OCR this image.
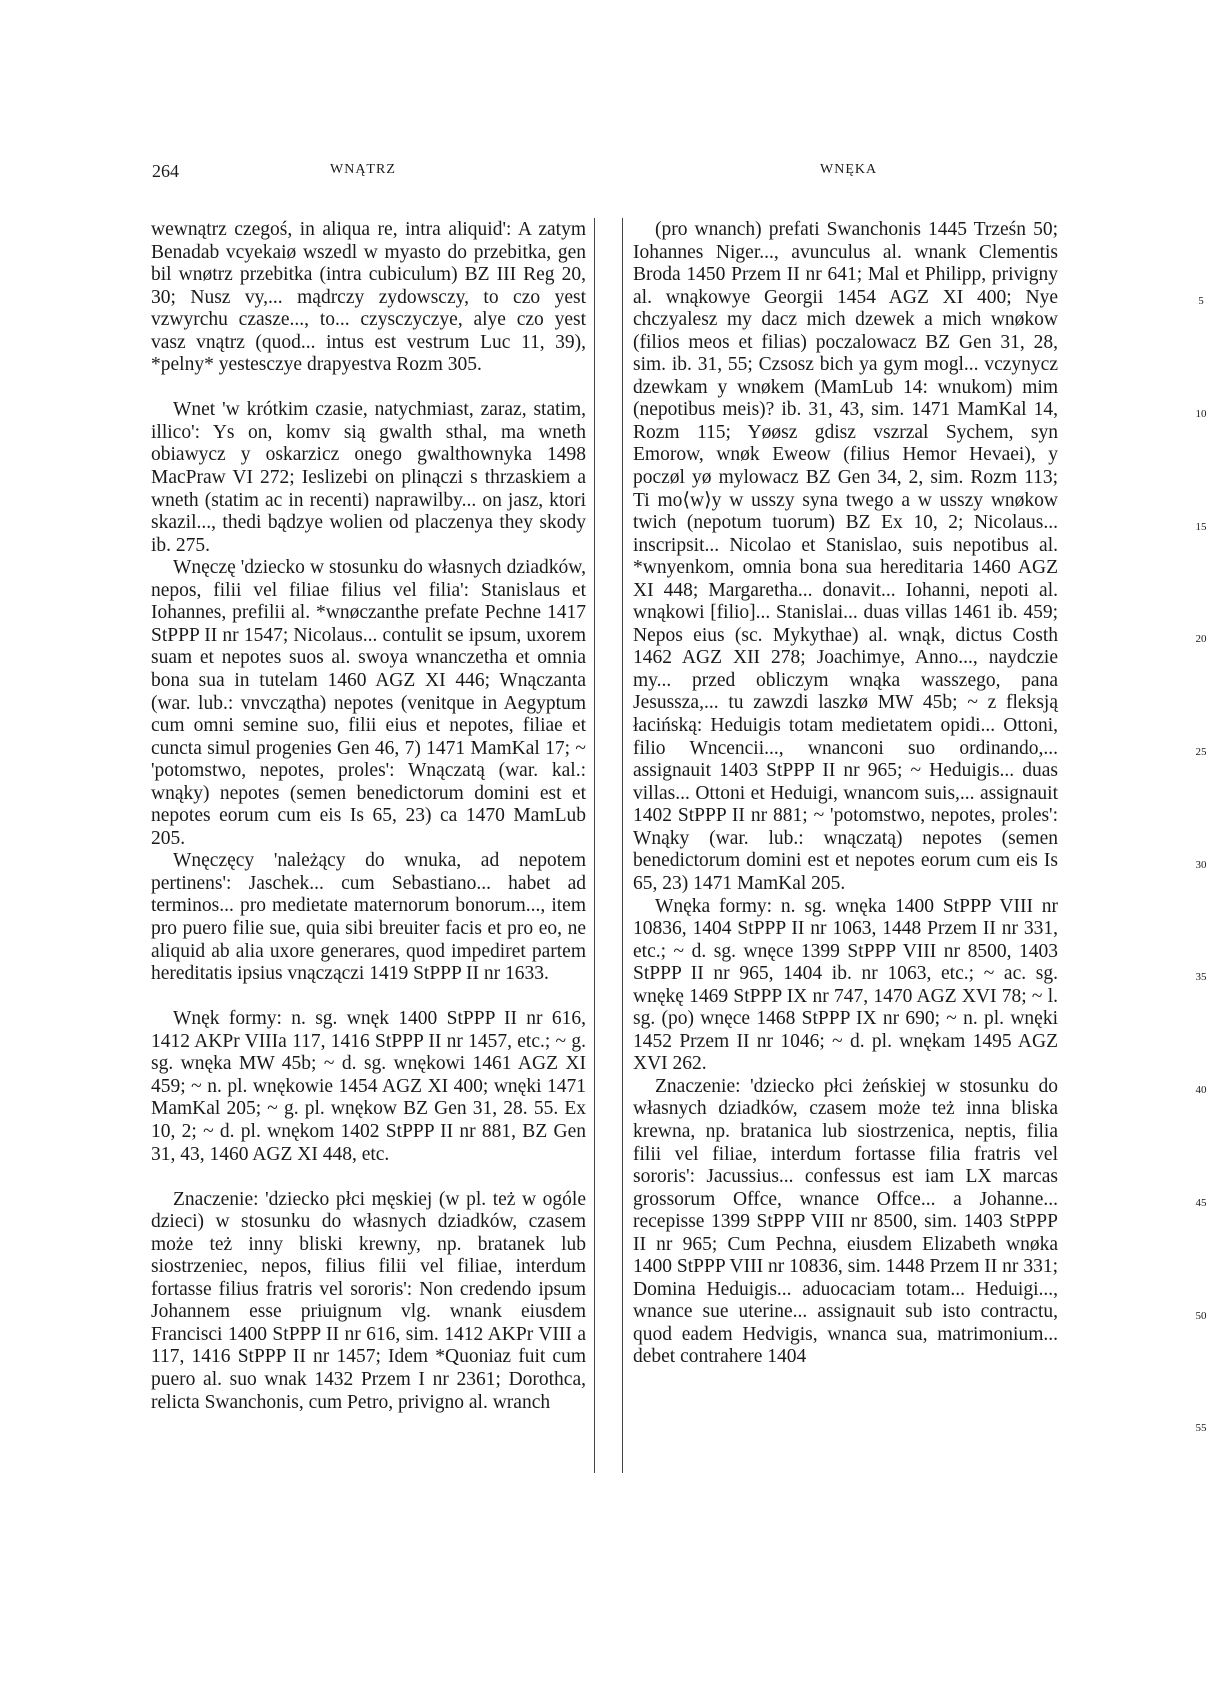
264	WNĄTRZ	WNĘKA
5
10
15
20
25
30
35
40
45
50
55
wewnątrz czegoś, in aliqua re, intra aliquid': A zatym Benadab vcyekaiø wszedl w myasto do przebitka, gen bil wnøtrz przebitka (intra cubiculum) BZ III Reg 20, 30; Nusz vy,... mądrczy zydowsczy, to czo yest vzwyrchu czasze..., to... czysczyczye, alye czo yest vasz vnątrz (quod... intus est vestrum Luc 11, 39), *pelny* yestesczye drapyestva Rozm 305.
Wnet 'w krótkim czasie, natychmiast, zaraz, statim, illico': Ys on, komv sią gwalth sthal, ma wneth obiawycz y oskarzicz onego gwalthownyka 1498 MacPraw VI 272; Ieslizebi on plinączi s thrzaskiem a wneth (statim ac in recenti) naprawilby... on jasz, ktori skazil..., thedi bądzye wolien od placzenya they skody ib. 275.
Wnęczę 'dziecko w stosunku do własnych dziadków, nepos, filii vel filiae filius vel filia': Stanislaus et Iohannes, prefilii al. *wnøczanthe prefate Pechne 1417 StPPP II nr 1547; Nicolaus... contulit se ipsum, uxorem suam et nepotes suos al. swoya wnanczetha et omnia bona sua in tutelam 1460 AGZ XI 446; Wnączanta (war. lub.: vnvczątha) nepotes (venitque in Aegyptum cum omni semine suo, filii eius et nepotes, filiae et cuncta simul progenies Gen 46, 7) 1471 MamKal 17; ~ 'potomstwo, nepotes, proles': Wnączatą (war. kal.: wnąky) nepotes (semen benedictorum domini est et nepotes eorum cum eis Is 65, 23) ca 1470 MamLub 205.
Wnęczęcy 'należący do wnuka, ad nepotem pertinens': Jaschek... cum Sebastiano... habet ad terminos... pro medietate maternorum bonorum..., item pro puero filie sue, quia sibi breuiter facis et pro eo, ne aliquid ab alia uxore generares, quod impediret partem hereditatis ipsius vnączączi 1419 StPPP II nr 1633.
Wnęk formy: n. sg. wnęk 1400 StPPP II nr 616, 1412 AKPr VIIIa 117, 1416 StPPP II nr 1457, etc.; ~ g. sg. wnęka MW 45b; ~ d. sg. wnękowi 1461 AGZ XI 459; ~ n. pl. wnękowie 1454 AGZ XI 400; wnęki 1471 MamKal 205; ~ g. pl. wnękow BZ Gen 31, 28. 55. Ex 10, 2; ~ d. pl. wnękom 1402 StPPP II nr 881, BZ Gen 31, 43, 1460 AGZ XI 448, etc.
Znaczenie: 'dziecko płci męskiej (w pl. też w ogóle dzieci) w stosunku do własnych dziadków, czasem może też inny bliski krewny, np. bratanek lub siostrzeniec, nepos, filius filii vel filiae, interdum fortasse filius fratris vel sororis': Non credendo ipsum Johannem esse priuignum vlg. wnank eiusdem Francisci 1400 StPPP II nr 616, sim. 1412 AKPr VIII a 117, 1416 StPPP II nr 1457; Idem *Quoniaz fuit cum puero al. suo wnak 1432 Przem I nr 2361; Dorothca, relicta Swanchonis, cum Petro, privigno al. wranch
(pro wnanch) prefati Swanchonis 1445 Trześn 50; Iohannes Niger..., avunculus al. wnank Clementis Broda 1450 Przem II nr 641; Mal et Philipp, privigny al. wnąkowye Georgii 1454 AGZ XI 400; Nye chczyalesz my dacz mich dzewek a mich wnøkow (filios meos et filias) poczalowacz BZ Gen 31, 28, sim. ib. 31, 55; Czsosz bich ya gym mogl... vczynycz dzewkam y wnøkem (MamLub 14: wnukom) mim (nepotibus meis)? ib. 31, 43, sim. 1471 MamKal 14, Rozm 115; Yøøsz gdisz vszrzal Sychem, syn Emorow, wnøk Eweow (filius Hemor Hevaei), y poczøl yø mylowacz BZ Gen 34, 2, sim. Rozm 113; Ti mo⟨w⟩y w usszy syna twego a w usszy wnøkow twich (nepotum tuorum) BZ Ex 10, 2; Nicolaus... inscripsit... Nicolao et Stanislao, suis nepotibus al. *wnyenkom, omnia bona sua hereditaria 1460 AGZ XI 448; Margaretha... donavit... Iohanni, nepoti al. wnąkowi [filio]... Stanislai... duas villas 1461 ib. 459; Nepos eius (sc. Mykythae) al. wnąk, dictus Costh 1462 AGZ XII 278; Joachimye, Anno..., naydczie my... przed obliczym wnąka wasszego, pana Jesussza,... tu zawzdi laszkø MW 45b; ~ z fleksją łacińską: Heduigis totam medietatem opidi... Ottoni, filio Wncencii..., wnanconi suo ordinando,... assignauit 1403 StPPP II nr 965; ~ Heduigis... duas villas... Ottoni et Heduigi, wnancom suis,... assignauit 1402 StPPP II nr 881; ~ 'potomstwo, nepotes, proles': Wnąky (war. lub.: wnączatą) nepotes (semen benedictorum domini est et nepotes eorum cum eis Is 65, 23) 1471 MamKal 205.
Wnęka formy: n. sg. wnęka 1400 StPPP VIII nr 10836, 1404 StPPP II nr 1063, 1448 Przem II nr 331, etc.; ~ d. sg. wnęce 1399 StPPP VIII nr 8500, 1403 StPPP II nr 965, 1404 ib. nr 1063, etc.; ~ ac. sg. wnękę 1469 StPPP IX nr 747, 1470 AGZ XVI 78; ~ l. sg. (po) wnęce 1468 StPPP IX nr 690; ~ n. pl. wnęki 1452 Przem II nr 1046; ~ d. pl. wnękam 1495 AGZ XVI 262.
Znaczenie: 'dziecko płci żeńskiej w stosunku do własnych dziadków, czasem może też inna bliska krewna, np. bratanica lub siostrzenica, neptis, filia filii vel filiae, interdum fortasse filia fratris vel sororis': Jacussius... confessus est iam LX marcas grossorum Offce, wnance Offce... a Johanne... recepisse 1399 StPPP VIII nr 8500, sim. 1403 StPPP II nr 965; Cum Pechna, eiusdem Elizabeth wnøka 1400 StPPP VIII nr 10836, sim. 1448 Przem II nr 331; Domina Heduigis... aduocaciam totam... Heduigi..., wnance sue uterine... assignauit sub isto contractu, quod eadem Hedvigis, wnanca sua, matrimonium... debet contrahere 1404
